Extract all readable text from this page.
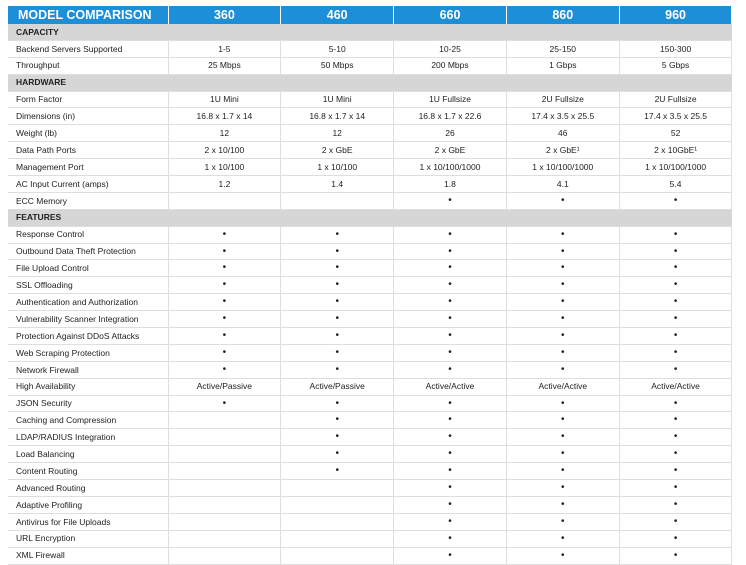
MODEL COMPARISON	360	460	660	860	960
CAPACITY					
Backend Servers Supported	1-5	5-10	10-25	25-150	150-300
Throughput	25 Mbps	50 Mbps	200 Mbps	1 Gbps	5 Gbps
HARDWARE					
Form Factor	1U Mini	1U Mini	1U Fullsize	2U Fullsize	2U Fullsize
Dimensions (in)	16.8 x 1.7 x 14	16.8 x 1.7 x 14	16.8 x 1.7 x 22.6	17.4 x 3.5 x 25.5	17.4 x 3.5 x 25.5
Weight (lb)	12	12	26	46	52
Data Path Ports	2 x 10/100	2 x GbE	2 x GbE	2 x GbE¹	2 x 10GbE¹
Management Port	1 x 10/100	1 x 10/100	1 x 10/100/1000	1 x 10/100/1000	1 x 10/100/1000
AC Input Current (amps)	1.2	1.4	1.8	4.1	5.4
ECC Memory			•	•	•
FEATURES					
Response Control	•	•	•	•	•
Outbound Data Theft Protection	•	•	•	•	•
File Upload Control	•	•	•	•	•
SSL Offloading	•	•	•	•	•
Authentication and Authorization	•	•	•	•	•
Vulnerability Scanner Integration	•	•	•	•	•
Protection Against DDoS Attacks	•	•	•	•	•
Web Scraping Protection	•	•	•	•	•
Network Firewall	•	•	•	•	•
High Availability	Active/Passive	Active/Passive	Active/Active	Active/Active	Active/Active
JSON Security	•	•	•	•	•
Caching and Compression		•	•	•	•
LDAP/RADIUS Integration		•	•	•	•
Load Balancing		•	•	•	•
Content Routing		•	•	•	•
Advanced Routing			•	•	•
Adaptive Profiling			•	•	•
Antivirus for File Uploads			•	•	•
URL Encryption			•	•	•
XML Firewall			•	•	•
